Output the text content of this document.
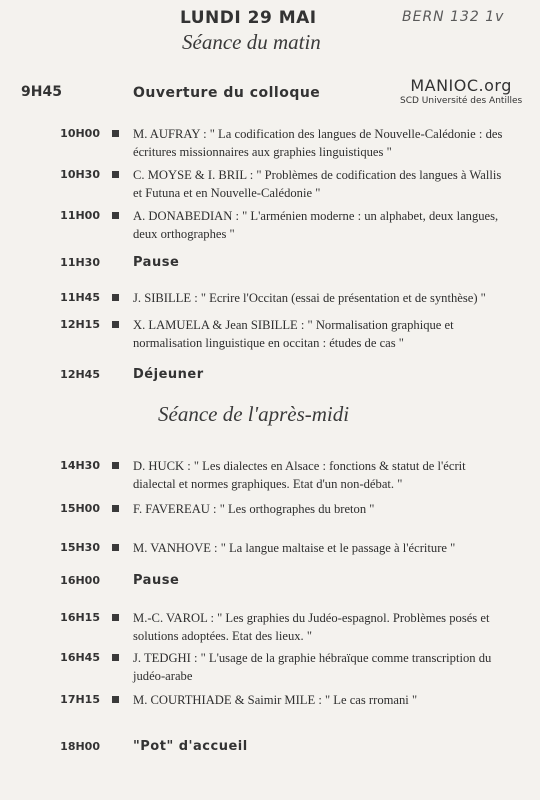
LUNDI 29 MAI	BERN 132 1v
Séance du matin
MANIOC.org
SCD Université des Antilles
9H45	Ouverture du colloque
10H00	M. AUFRAY : " La codification des langues de Nouvelle-Calédonie : des écritures missionnaires aux graphies linguistiques "
10H30	C. MOYSE & I. BRIL : " Problèmes de codification des langues à Wallis et Futuna et en Nouvelle-Calédonie "
11H00	A. DONABEDIAN : " L'arménien moderne : un alphabet, deux langues, deux orthographes "
11H30	Pause
11H45	J. SIBILLE : " Ecrire l'Occitan (essai de présentation et de synthèse) "
12H15	X. LAMUELA & Jean SIBILLE : " Normalisation graphique et normalisation linguistique en occitan : études de cas "
12H45	Déjeuner
Séance de l'après-midi
14H30	D. HUCK : " Les dialectes en Alsace : fonctions & statut de l'écrit dialectal et normes graphiques. Etat d'un non-débat. "
15H00	F. FAVEREAU : " Les orthographes du breton "
15H30	M. VANHOVE : " La langue maltaise et le passage à l'écriture "
16H00	Pause
16H15	M.-C. VAROL : " Les graphies du Judéo-espagnol. Problèmes posés et solutions adoptées. Etat des lieux. "
16H45	J. TEDGHI : " L'usage de la graphie hébraïque comme transcription du judéo-arabe
17H15	M. COURTHIADE & Saimir MILE : " Le cas rromani "
18H00	"Pot" d'accueil
